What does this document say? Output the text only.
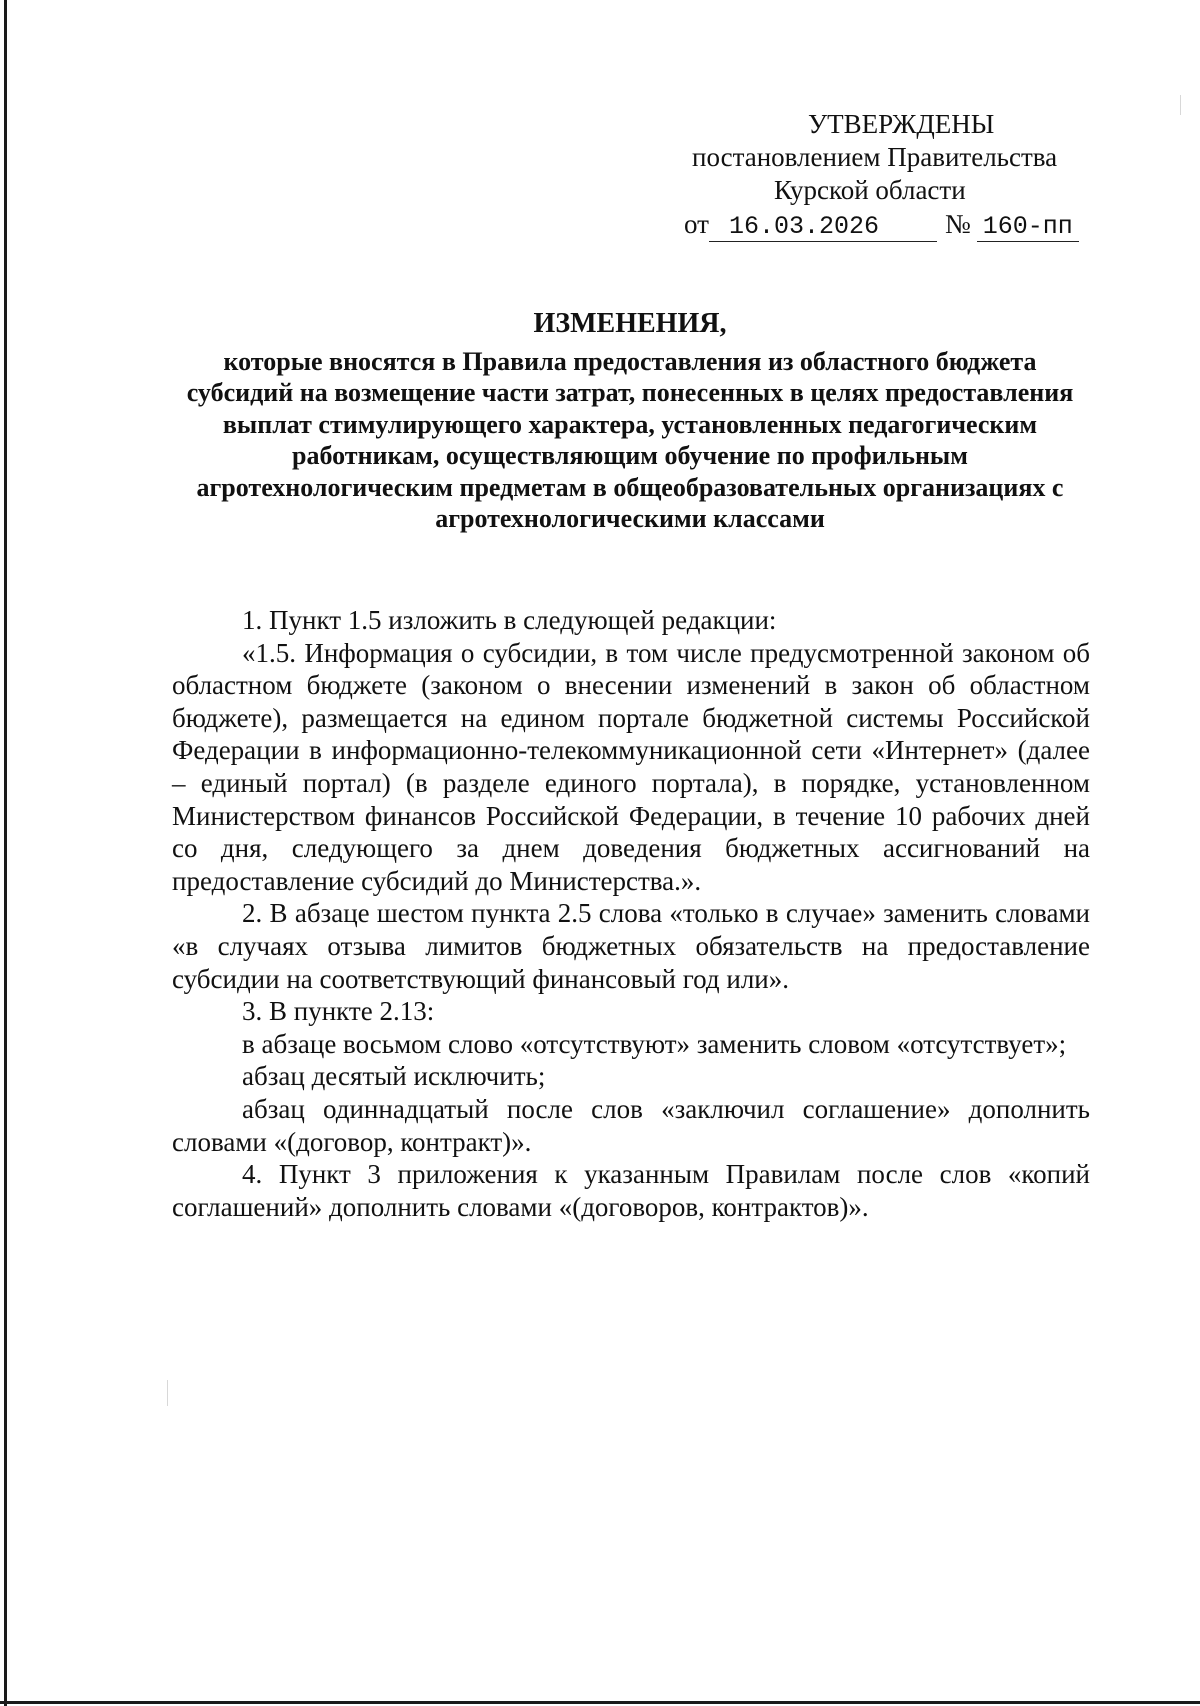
УТВЕРЖДЕНЫ
постановлением Правительства
Курской области
от 16.03.2026 № 160-пп
ИЗМЕНЕНИЯ,
которые вносятся в Правила предоставления из областного бюджета субсидий на возмещение части затрат, понесенных в целях предоставления выплат стимулирующего характера, установленных педагогическим работникам, осуществляющим обучение по профильным агротехнологическим предметам в общеобразовательных организациях с агротехнологическими классами

1. Пункт 1.5 изложить в следующей редакции:

«1.5. Информация о субсидии, в том числе предусмотренной законом об областном бюджете (законом о внесении изменений в закон об областном бюджете), размещается на едином портале бюджетной системы Российской Федерации в информационно-телекоммуникационной сети «Интернет» (далее – единый портал) (в разделе единого портала), в порядке, установленном Министерством финансов Российской Федерации, в течение 10 рабочих дней со дня, следующего за днем доведения бюджетных ассигнований на предоставление субсидий до Министерства.».

2. В абзаце шестом пункта 2.5 слова «только в случае» заменить словами «в случаях отзыва лимитов бюджетных обязательств на предоставление субсидии на соответствующий финансовый год или».

3. В пункте 2.13:

в абзаце восьмом слово «отсутствуют» заменить словом «отсутствует»;

абзац десятый исключить;

абзац одиннадцатый после слов «заключил соглашение» дополнить словами «(договор, контракт)».

4. Пункт 3 приложения к указанным Правилам после слов «копий соглашений» дополнить словами «(договоров, контрактов)».
